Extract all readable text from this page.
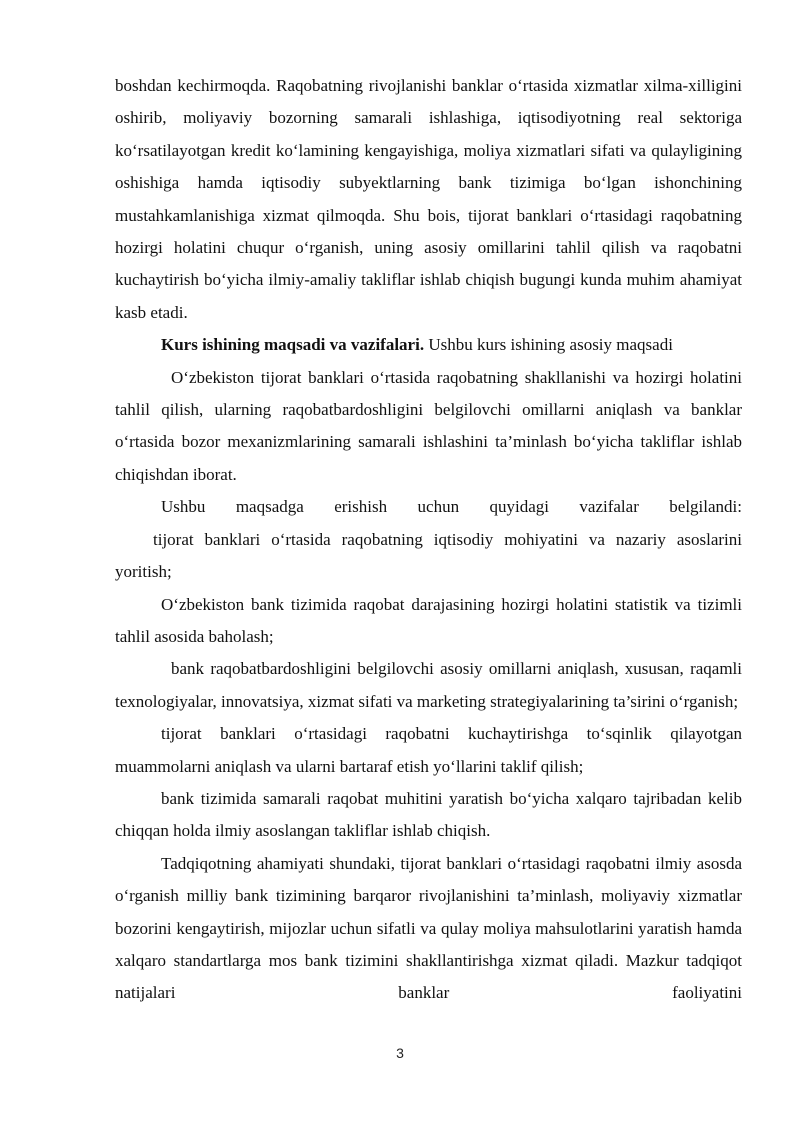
boshdan kechirmoqda. Raqobatning rivojlanishi banklar o‘rtasida xizmatlar xilma-xilligini oshirib, moliyaviy bozorning samarali ishlashiga, iqtisodiyotning real sektoriga ko‘rsatilayotgan kredit ko‘lamining kengayishiga, moliya xizmatlari sifati va qulayligining oshishiga hamda iqtisodiy subyektlarning bank tizimiga bo‘lgan ishonchining mustahkamlanishiga xizmat qilmoqda. Shu bois, tijorat banklari o‘rtasidagi raqobatning hozirgi holatini chuqur o‘rganish, uning asosiy omillarini tahlil qilish va raqobatni kuchaytirish bo‘yicha ilmiy-amaliy takliflar ishlab chiqish bugungi kunda muhim ahamiyat kasb etadi.

Kurs ishining maqsadi va vazifalari. Ushbu kurs ishining asosiy maqsadi

O‘zbekiston tijorat banklari o‘rtasida raqobatning shakllanishi va hozirgi holatini tahlil qilish, ularning raqobatbardoshligini belgilovchi omillarni aniqlash va banklar o‘rtasida bozor mexanizmlarining samarali ishlashini ta’minlash bo‘yicha takliflar ishlab chiqishdan iborat.

Ushbu maqsadga erishish uchun quyidagi vazifalar belgilandi:

tijorat banklari o‘rtasida raqobatning iqtisodiy mohiyatini va nazariy asoslarini yoritish;

O‘zbekiston bank tizimida raqobat darajasining hozirgi holatini statistik va tizimli tahlil asosida baholash;

bank raqobatbardoshligini belgilovchi asosiy omillarni aniqlash, xususan, raqamli texnologiyalar, innovatsiya, xizmat sifati va marketing strategiyalarining ta’sirini o‘rganish;

tijorat banklari o‘rtasidagi raqobatni kuchaytirishga to‘sqinlik qilayotgan muammolarni aniqlash va ularni bartaraf etish yo‘llarini taklif qilish;

bank tizimida samarali raqobat muhitini yaratish bo‘yicha xalqaro tajribadan kelib chiqqan holda ilmiy asoslangan takliflar ishlab chiqish.

Tadqiqotning ahamiyati shundaki, tijorat banklari o‘rtasidagi raqobatni ilmiy asosda o‘rganish milliy bank tizimining barqaror rivojlanishini ta’minlash, moliyaviy xizmatlar bozorini kengaytirish, mijozlar uchun sifatli va qulay moliya mahsulotlarini yaratish hamda xalqaro standartlarga mos bank tizimini shakllantirishga xizmat qiladi. Mazkur tadqiqot natijalari banklar faoliyatini

3
